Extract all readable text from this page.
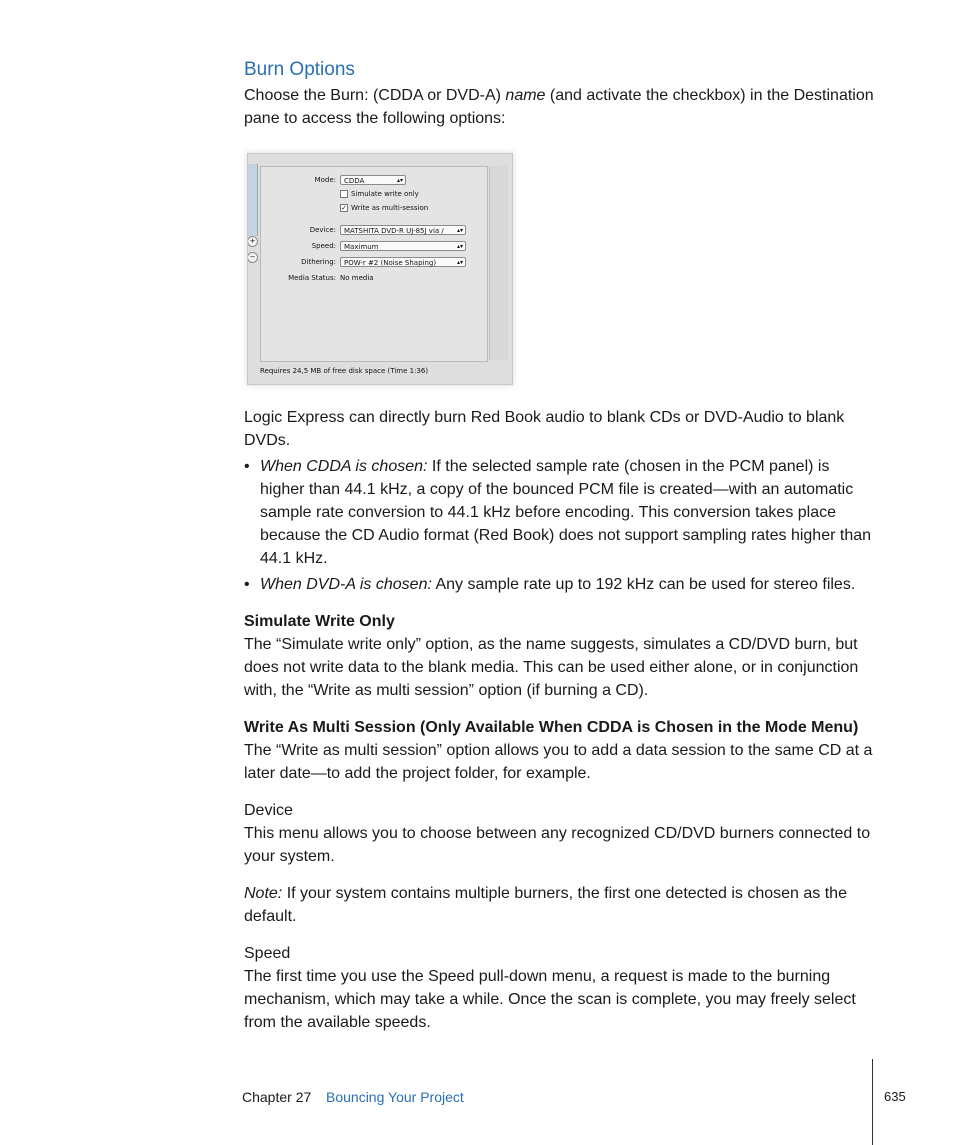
Burn Options

Choose the Burn: (CDDA or DVD-A) name (and activate the checkbox) in the Destination pane to access the following options:

+
−
Mode:	CDDA	▴▾
Simulate write only
✓ Write as multi-session
Device:	MATSHITA DVD-R UJ-85J via / ▴▾
Speed:	Maximum	▴▾
Dithering:	POW-r #2 (Noise Shaping)	▴▾
Media Status: No media
Requires 24,5 MB of free disk space (Time 1:36)

Logic Express can directly burn Red Book audio to blank CDs or DVD-Audio to blank DVDs.

• When CDDA is chosen: If the selected sample rate (chosen in the PCM panel) is higher than 44.1 kHz, a copy of the bounced PCM file is created—with an automatic sample rate conversion to 44.1 kHz before encoding. This conversion takes place because the CD Audio format (Red Book) does not support sampling rates higher than 44.1 kHz.
• When DVD-A is chosen: Any sample rate up to 192 kHz can be used for stereo files.
Simulate Write Only

The “Simulate write only” option, as the name suggests, simulates a CD/DVD burn, but does not write data to the blank media. This can be used either alone, or in conjunction with, the “Write as multi session” option (if burning a CD).

Write As Multi Session (Only Available When CDDA is Chosen in the Mode Menu)

The “Write as multi session” option allows you to add a data session to the same CD at a later date—to add the project folder, for example.

Device

This menu allows you to choose between any recognized CD/DVD burners connected to your system.

Note: If your system contains multiple burners, the first one detected is chosen as the default.

Speed

The first time you use the Speed pull-down menu, a request is made to the burning mechanism, which may take a while. Once the scan is complete, you may freely select from the available speeds.

Chapter 27 Bouncing Your Project	635
